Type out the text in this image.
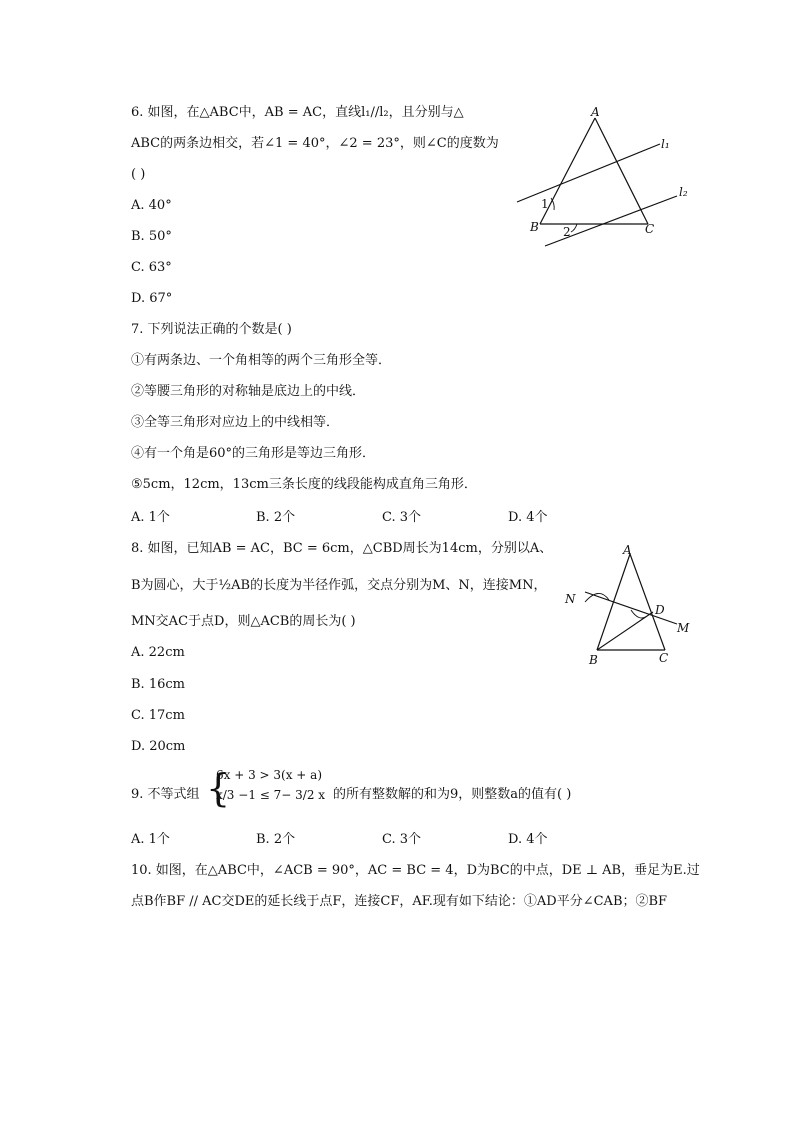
6. 如图，在△ABC中，AB = AC，直线l₁//l₂，且分别与△
ABC的两条边相交，若∠1 = 40°，∠2 = 23°，则∠C的度数为
( )
A. 40°
B. 50°
C. 63°
D. 67°
A
B	C
l₁
l₂
1
2
7. 下列说法正确的个数是( )
①有两条边、一个角相等的两个三角形全等．
②等腰三角形的对称轴是底边上的中线．
③全等三角形对应边上的中线相等．
④有一个角是60°的三角形是等边三角形．
⑤5cm，12cm，13cm三条长度的线段能构成直角三角形．
A. 1个	B. 2个	C. 3个	D. 4个
8. 如图，已知AB = AC，BC = 6cm，△CBD周长为14cm，分别以A、
B为圆心，大于½AB的长度为半径作弧，交点分别为M、N，连接MN，
MN交AC于点D，则△ACB的周长为( )
A. 22cm
B. 16cm
C. 17cm
D. 20cm
A
B	C
D
M
N
9. 不等式组 {
6x + 3 > 3(x + a)
x/3 −1 ≤ 7− 3/2 x 的所有整数解的和为9，则整数a的值有( )
A. 1个	B. 2个	C. 3个	D. 4个
10. 如图，在△ABC中，∠ACB = 90°，AC = BC = 4，D为BC的中点，DE ⊥ AB，垂足为E.过
点B作BF // AC交DE的延长线于点F，连接CF，AF.现有如下结论：①AD平分∠CAB；②BF
